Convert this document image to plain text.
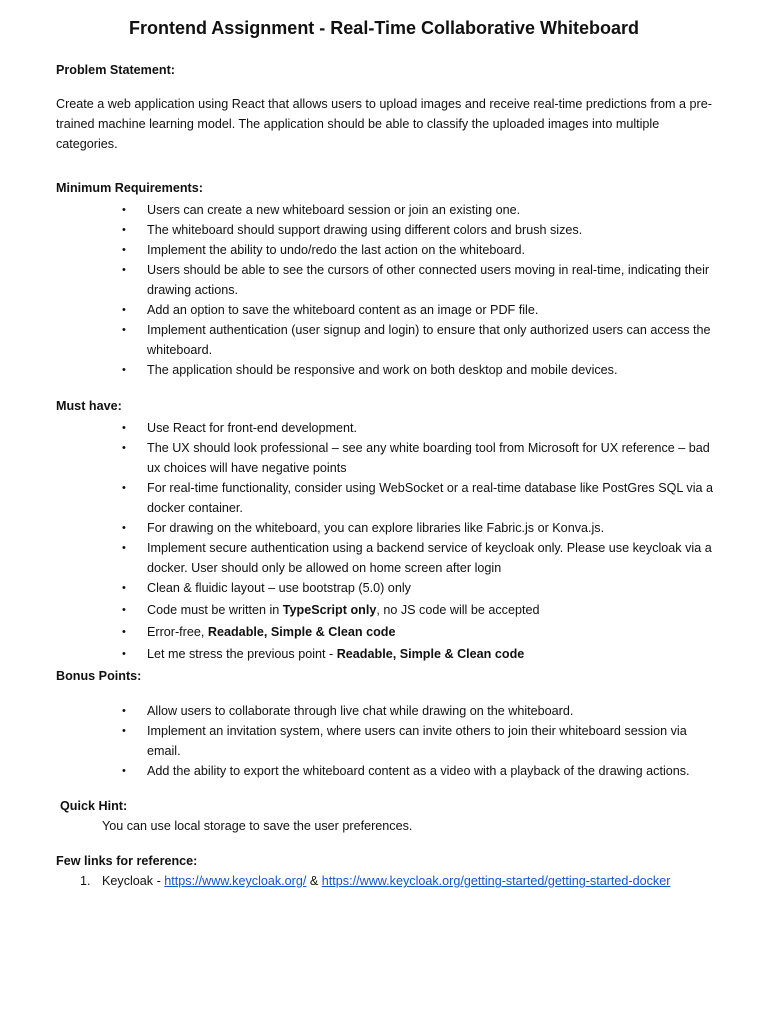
Frontend Assignment - Real-Time Collaborative Whiteboard

Problem Statement:

Create a web application using React that allows users to upload images and receive real-time predictions from a pre-trained machine learning model. The application should be able to classify the uploaded images into multiple categories.

Minimum Requirements:

• Users can create a new whiteboard session or join an existing one.
• The whiteboard should support drawing using different colors and brush sizes.
• Implement the ability to undo/redo the last action on the whiteboard.
• Users should be able to see the cursors of other connected users moving in real-time, indicating their drawing actions.
• Add an option to save the whiteboard content as an image or PDF file.
• Implement authentication (user signup and login) to ensure that only authorized users can access the whiteboard.
• The application should be responsive and work on both desktop and mobile devices.

Must have:

• Use React for front-end development.
• The UX should look professional – see any white boarding tool from Microsoft for UX reference – bad ux choices will have negative points
• For real-time functionality, consider using WebSocket or a real-time database like PostGres SQL via a docker container.
• For drawing on the whiteboard, you can explore libraries like Fabric.js or Konva.js.
• Implement secure authentication using a backend service of keycloak only. Please use keycloak via a docker. User should only be allowed on home screen after login
• Clean & fluidic layout – use bootstrap (5.0) only
• Code must be written in TypeScript only, no JS code will be accepted
• Error-free, Readable, Simple & Clean code
• Let me stress the previous point - Readable, Simple & Clean code

Bonus Points:

• Allow users to collaborate through live chat while drawing on the whiteboard.
• Implement an invitation system, where users can invite others to join their whiteboard session via email.
• Add the ability to export the whiteboard content as a video with a playback of the drawing actions.

Quick Hint:

You can use local storage to save the user preferences.

Few links for reference:

1. Keycloak - https://www.keycloak.org/ & https://www.keycloak.org/getting-started/getting-started-docker
